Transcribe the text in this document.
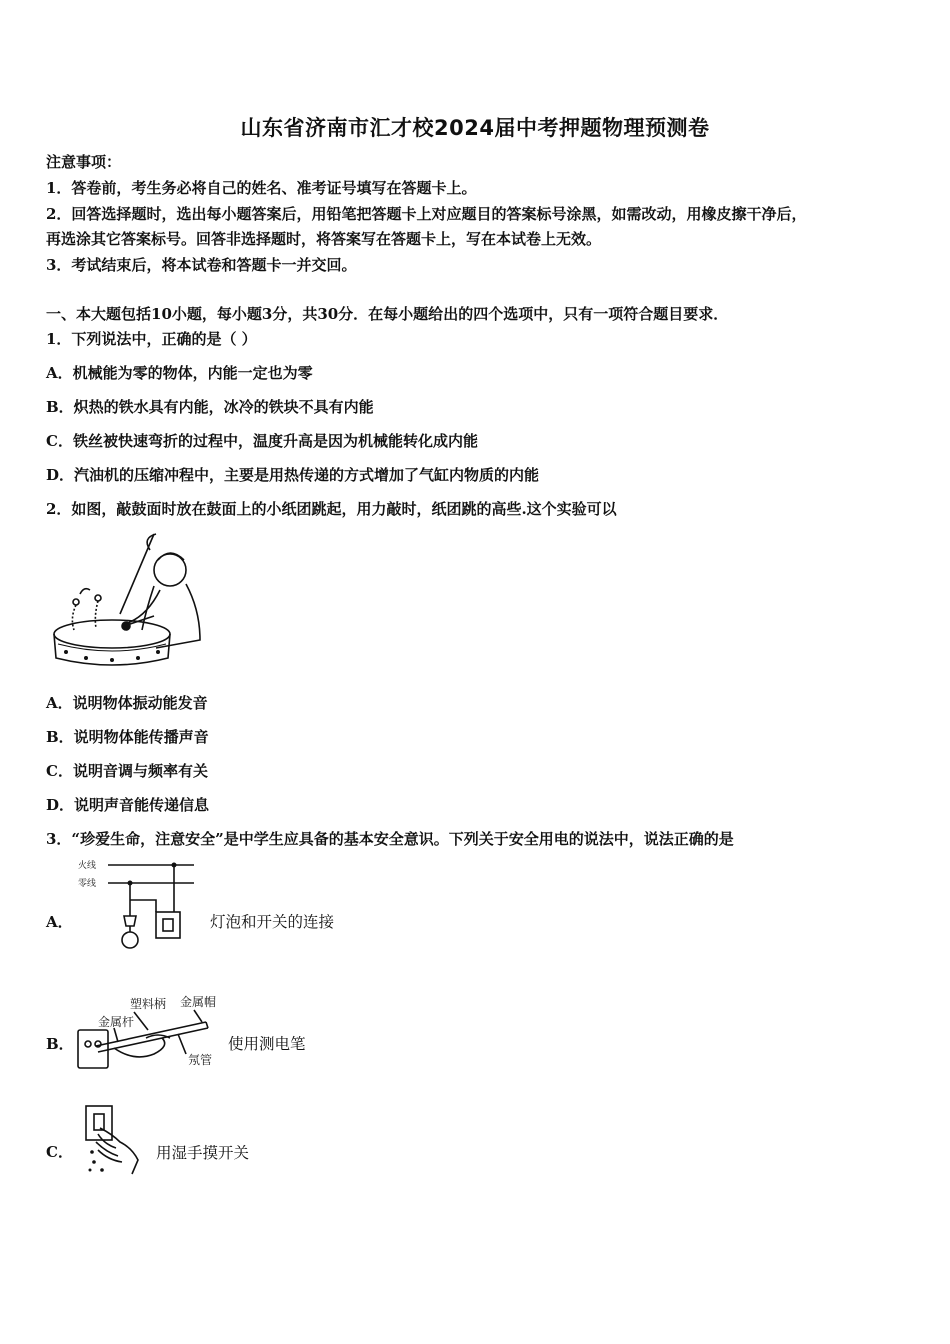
山东省济南市汇才校2024届中考押题物理预测卷
注意事项：
1．答卷前，考生务必将自己的姓名、准考证号填写在答题卡上。
2．回答选择题时，选出每小题答案后，用铅笔把答题卡上对应题目的答案标号涂黑，如需改动，用橡皮擦干净后，
再选涂其它答案标号。回答非选择题时，将答案写在答题卡上，写在本试卷上无效。
3．考试结束后，将本试卷和答题卡一并交回。
一、本大题包括10小题，每小题3分，共30分．在每小题给出的四个选项中，只有一项符合题目要求．
1．下列说法中，正确的是（ ）
A．机械能为零的物体，内能一定也为零
B．炽热的铁水具有内能，冰冷的铁块不具有内能
C．铁丝被快速弯折的过程中，温度升高是因为机械能转化成内能
D．汽油机的压缩冲程中，主要是用热传递的方式增加了气缸内物质的内能
2．如图，敲鼓面时放在鼓面上的小纸团跳起，用力敲时，纸团跳的高些.这个实验可以
A．说明物体振动能发音
B．说明物体能传播声音
C．说明音调与频率有关
D．说明声音能传递信息
3．“珍爱生命，注意安全”是中学生应具备的基本安全意识。下列关于安全用电的说法中，说法正确的是
A．
火线
零线
灯泡和开关的连接
B．
塑料柄 金属帽
金属杆
氖管
使用测电笔
C．	用湿手摸开关
